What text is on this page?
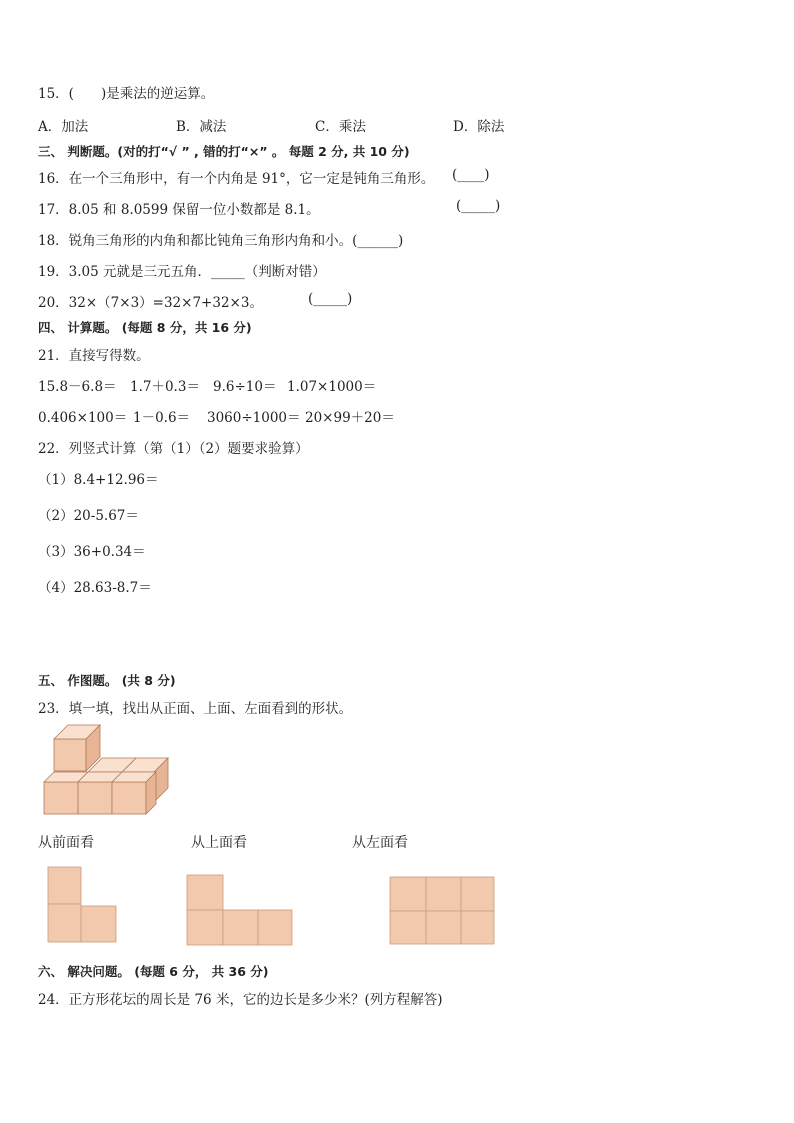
15．(　　)是乘法的逆运算。
A．加法	B．减法	C．乘法	D．除法
三、 判断题。(对的打“√ ” , 错的打“×” 。 每题 2 分, 共 10 分)
16．在一个三角形中，有一个内角是 91°，它一定是钝角三角形。 (____)
17．8.05 和 8.0599 保留一位小数都是 8.1。	(_____)
18．锐角三角形的内角和都比钝角三角形内角和小。(______)
19．3.05 元就是三元五角．_____（判断对错）
20．32×（7×3）=32×7+32×3。	(_____)
四、 计算题。 (每题 8 分，共 16 分)
21．直接写得数。
15.8－6.8＝ 1.7＋0.3＝ 9.6÷10＝ 1.07×1000＝
0.406×100＝ 1－0.6＝ 3060÷1000＝ 20×99＋20＝
22．列竖式计算（第（1）（2）题要求验算）
（1）8.4+12.96＝
（2）20-5.67＝
（3）36+0.34＝
（4）28.63-8.7＝
五、 作图题。 (共 8 分)
23．填一填，找出从正面、上面、左面看到的形状。
从前面看	从上面看	从左面看
六、 解决问题。 (每题 6 分， 共 36 分)
24．正方形花坛的周长是 76 米，它的边长是多少米？(列方程解答)
